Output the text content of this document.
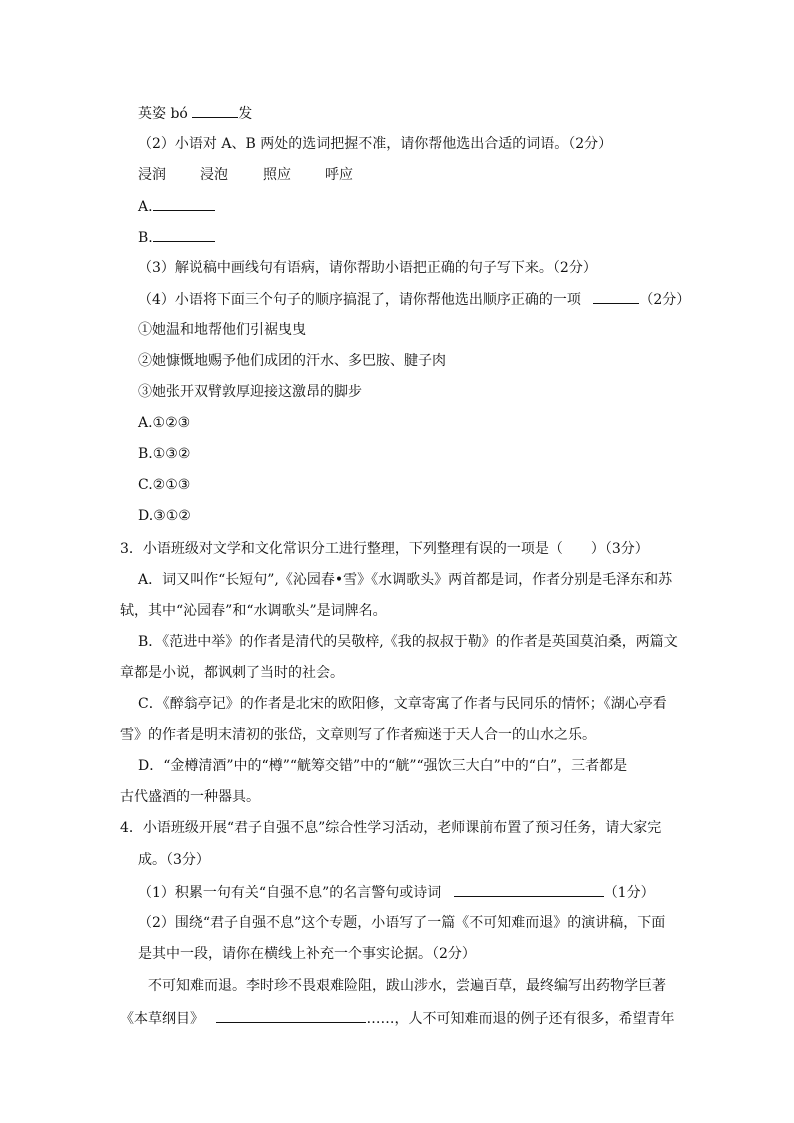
英姿 bó	发
（2）小语对 A、B 两处的选词把握不准，请你帮他选出合适的词语。（2分）
浸润 浸泡	照应 呼应
A.
B.
（3）解说稿中画线句有语病，请你帮助小语把正确的句子写下来。（2分）
（4）小语将下面三个句子的顺序搞混了，请你帮他选出顺序正确的一项	（2分）
①她温和地帮他们引裾曳曳
②她慷慨地赐予他们成团的汗水、多巴胺、腱子肉
③她张开双臂敦厚迎接这激昂的脚步
A.①②③
B.①③②
C.②①③
D.③①②
3．小语班级对文学和文化常识分工进行整理，下列整理有误的一项是（　　）（3分）
A．词又叫作“长短句”,《沁园春•雪》《水调歌头》两首都是词，作者分别是毛泽东和苏
轼，其中“沁园春”和“水调歌头”是词牌名。
B．《范进中举》的作者是清代的吴敬梓,《我的叔叔于勒》的作者是英国莫泊桑，两篇文
章都是小说，都讽刺了当时的社会。
C．《醉翁亭记》的作者是北宋的欧阳修，文章寄寓了作者与民同乐的情怀；《湖心亭看
雪》的作者是明末清初的张岱，文章则写了作者痴迷于天人合一的山水之乐。
D．“金樽清酒”中的“樽”“觥筹交错”中的“觥”“强饮三大白”中的“白”，三者都是
古代盛酒的一种器具。
4．小语班级开展“君子自强不息”综合性学习活动，老师课前布置了预习任务，请大家完
成。（3分）
（1）积累一句有关“自强不息”的名言警句或诗词	（1分）
（2）围绕“君子自强不息”这个专题，小语写了一篇《不可知难而退》的演讲稿，下面
是其中一段，请你在横线上补充一个事实论据。（2分）
不可知难而退。李时珍不畏艰难险阻，跋山涉水，尝遍百草，最终编写出药物学巨著
《本草纲目》	……，人不可知难而退的例子还有很多，希望青年
